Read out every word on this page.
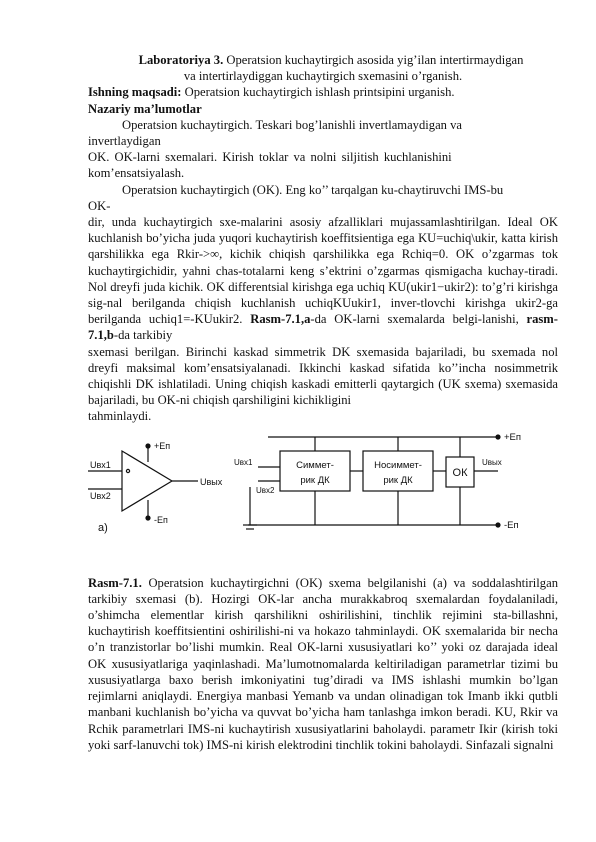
Laboratoriya 3. Operatsion kuchaytirgich asosida yig’ilan intertirmaydigan

va intertirlaydiggan kuchaytirgich sxemasini o’rganish.

Ishning maqsadi: Operatsion kuchaytirgich ishlash printsipini urganish.

Nazariy ma’lumotlar

Operatsion kuchaytirgich. Teskari bog’lanishli invertlamaydigan va

invertlaydigan

OK. OK-larni sxemalari. Kirish toklar va nolni siljitish kuchlanishini

kom’ensatsiyalash.

Operatsion kuchaytirgich (OK). Eng ko’’ tarqalgan ku-chaytiruvchi IMS-bu

OK-

dir, unda kuchaytirgich sxe-malarini asosiy afzalliklari mujassamlashtirilgan. Ideal OK kuchlanish bo’yicha juda yuqori kuchaytirish koeffitsientiga ega KU=uchiq\ukir, katta kirish qarshilikka ega Rkir->∞, kichik chiqish qarshilikka ega Rchiq=0. OK o’zgarmas tok kuchaytirgichidir, yahni chas-totalarni keng s’ektrini o’zgarmas qismigacha kuchay-tiradi. Nol dreyfi juda kichik. OK differentsial kirishga ega uchiq KU(ukir1−ukir2): to’g’ri kirishga sig-nal berilganda chiqish kuchlanish uchiqKUukir1, inver-tlovchi kirishga ukir2-ga berilganda uchiq1=-KUukir2. Rasm-7.1,a-da OK-larni sxemalarda belgi-lanishi, rasm-7.1,b-da tarkibiy

sxemasi berilgan. Birinchi kaskad simmetrik DK sxemasida bajariladi, bu sxemada nol dreyfi maksimal kom’ensatsiyalanadi. Ikkinchi kaskad sifatida ko’’incha nosimmetrik chiqishli DK ishlatiladi. Uning chiqish kaskadi emitterli qaytargich (UK sxema) sxemasida bajariladi, bu OK-ni chiqish qarshiligini kichikligini

tahminlaydi.

Uвх1
Uвх2
Uвых
+Eп
-Eп
a)
Симмет-
рик ДК
Носиммет-
рик ДК
ОК
Uвх1
Uвх2
Uвых
+Eп
-Eп

Rasm-7.1. Operatsion kuchaytirgichni (OK) sxema belgilanishi (a) va soddalashtirilgan tarkibiy sxemasi (b). Hozirgi OK-lar ancha murakkabroq sxemalardan foydalaniladi, o’shimcha elementlar kirish qarshilikni oshirilishini, tinchlik rejimini sta-billashni, kuchaytirish koeffitsientini oshirilishi-ni va hokazo tahminlaydi. OK sxemalarida bir necha o’n tranzistorlar bo’lishi mumkin. Real OK-larni xususiyatlari ko’’ yoki oz darajada ideal OK xususiyatlariga yaqinlashadi. Ma’lumotnomalarda keltiriladigan parametrlar tizimi bu xususiyatlarga baxo berish imkoniyatini tug’diradi va IMS ishlashi mumkin bo’lgan rejimlarni aniqlaydi. Energiya manbasi Yemanb va undan olinadigan tok Imanb ikki qutbli manbani kuchlanish bo’yicha va quvvat bo’yicha ham tanlashga imkon beradi. KU, Rkir va Rchik parametrlari IMS-ni kuchaytirish xususiyatlarini baholaydi. parametr Ikir (kirish toki yoki sarf-lanuvchi tok) IMS-ni kirish elektrodini tinchlik tokini baholaydi. Sinfazali signalni
